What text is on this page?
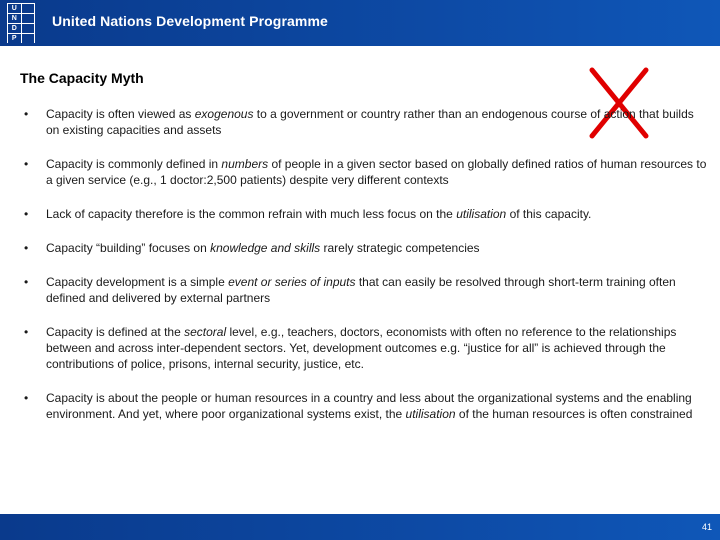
U
N
D
P
United Nations Development Programme
The Capacity Myth
• Capacity is often viewed as exogenous to a government or country rather than an endogenous course of action that builds on existing capacities and assets
• Capacity is commonly defined in numbers of people in a given sector based on globally defined ratios of human resources to a given service (e.g., 1 doctor:2,500 patients) despite very different contexts
• Lack of capacity therefore is the common refrain with much less focus on the utilisation of this capacity.
• Capacity “building” focuses on knowledge and skills rarely strategic competencies
• Capacity development is a simple event or series of inputs that can easily be resolved through short-term training often defined and delivered by external partners
• Capacity is defined at the sectoral level, e.g., teachers, doctors, economists with often no reference to the relationships between and across inter-dependent sectors. Yet, development outcomes e.g. “justice for all” is achieved through the contributions of police, prisons, internal security, justice, etc.
• Capacity is about the people or human resources in a country and less about the organizational systems and the enabling environment. And yet, where poor organizational systems exist, the utilisation of the human resources is often constrained
41
